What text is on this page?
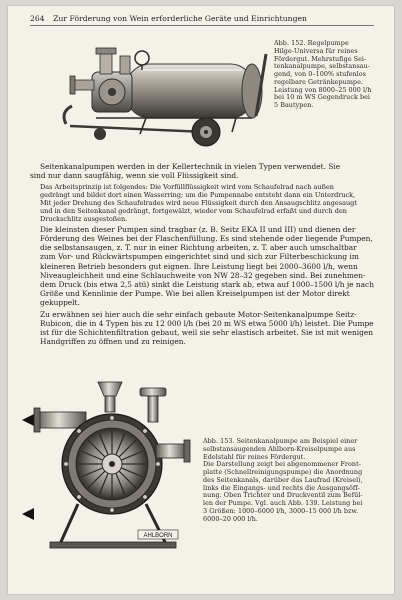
264 Zur Förderung von Wein erforderliche Geräte und Einrichtungen
Abb. 152. Regelpumpe
Hilge-Universa für reines
Fördergut. Mehrstufige Sei-
tenkanalpumpe, selbstansau-
gend, von 0–100% stufenlos
regelbare Getränkepumpe.
Leistung von 8000–25 000 l/h
bei 10 m WS Gegendruck bei
5 Bautypen.

Seitenkanalpumpen werden in der Kellertechnik in vielen Typen verwendet. Sie
sind nur dann saugfähig, wenn sie voll Flüssigkeit sind.

Das Arbeitsprinzip ist folgendes: Die Vorfüllflüssigkeit wird vom Schaufelrad nach außen
gedrängt und bildet dort einen Wasserring; um die Pumpennabe entsteht dann ein Unterdruck,
Mit jeder Drehung des Schaufelrades wird neue Flüssigkeit durch den Ansaugschlitz angesaugt
und in den Seitenkanal gedrängt, fortgewälzt, wieder vom Schaufelrad erfaßt und durch den
Druckschlitz ausgestoßen.

Die kleinsten dieser Pumpen sind tragbar (z. B. Seitz EKA II und III) und dienen der
Förderung des Weines bei der Flaschenfüllung. Es sind stehende oder liegende Pumpen,
die selbstansaugen, z. T. nur in einer Richtung arbeiten, z. T. aber auch umschaltbar
zum Vor- und Rückwärtspumpen eingerichtet sind und sich zur Filterbeschickung im
kleineren Betrieb besonders gut eignen. Ihre Leistung liegt bei 2000–3600 l/h, wenn
Niveaugleichheit und eine Schlauchweite von NW 28–32 gegeben sind. Bei zunehmen-
dem Druck (bis etwa 2,5 atü) sinkt die Leistung stark ab, etwa auf 1000–1500 l/h je nach
Größe und Kennlinie der Pumpe. Wie bei allen Kreiselpumpen ist der Motor direkt
gekuppelt.

Zu erwähnen sei hier auch die sehr einfach gebaute Motor-Seitenkanalpumpe Seitz-
Rubicon, die in 4 Typen bis zu 12 000 l/h (bei 20 m WS etwa 5000 l/h) leistet. Die Pumpe
ist für die Schichtenfiltration gebaut, weil sie sehr elastisch arbeitet. Sie ist mit wenigen
Handgriffen zu öffnen und zu reinigen.

AHLBORN
Abb. 153. Seitenkanalpumpe am Beispiel einer
selbstansaugenden Ahlborn-Kreiselpumpe aus
Edelstahl für reines Fördergut.
Die Darstellung zeigt bei abgenommener Front-
platte (Schnellreinigungspumpe) die Anordnung
des Seitenkanals, darüber das Laufrad (Kreisel),
links die Eingangs- und rechts die Ausgangsöff-
nung. Oben Trichter und Druckventil zum Befül-
len der Pumpe. Vgl. auch Abb. 139. Leistung bei
3 Größen: 1000–6000 l/h, 3000–15 000 l/h bzw.
6000–20 000 l/h.
